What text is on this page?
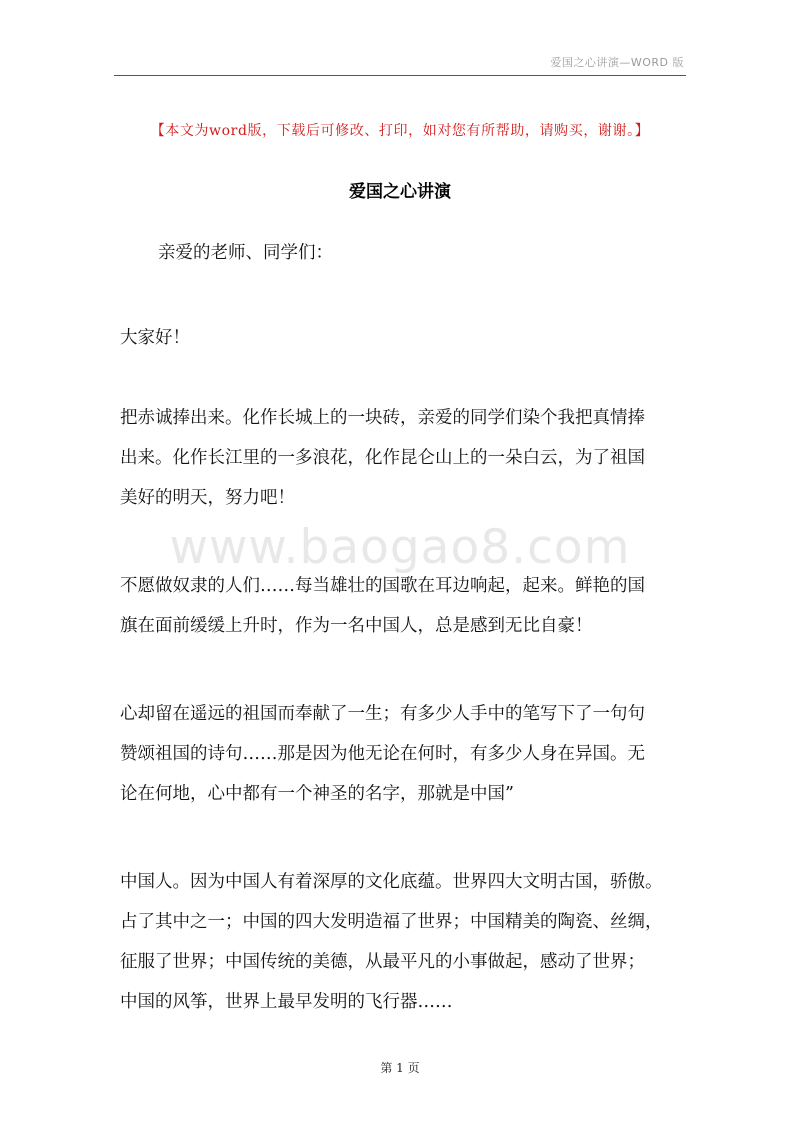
爱国之心讲演—WORD 版
【本文为word版，下载后可修改、打印，如对您有所帮助，请购买，谢谢。】
爱国之心讲演
亲爱的老师、同学们：
大家好！
把赤诚捧出来。化作长城上的一块砖，亲爱的同学们染个我把真情捧
出来。化作长江里的一多浪花，化作昆仑山上的一朵白云，为了祖国
美好的明天，努力吧！
不愿做奴隶的人们……每当雄壮的国歌在耳边响起，起来。鲜艳的国
旗在面前缓缓上升时，作为一名中国人，总是感到无比自豪！
心却留在遥远的祖国而奉献了一生；有多少人手中的笔写下了一句句
赞颂祖国的诗句……那是因为他无论在何时，有多少人身在异国。无
论在何地，心中都有一个神圣的名字，那就是中国”
中国人。因为中国人有着深厚的文化底蕴。世界四大文明古国，骄傲。
占了其中之一；中国的四大发明造福了世界；中国精美的陶瓷、丝绸，
征服了世界；中国传统的美德，从最平凡的小事做起，感动了世界；
中国的风筝，世界上最早发明的飞行器……
www.baogao8.com
第 1 页
